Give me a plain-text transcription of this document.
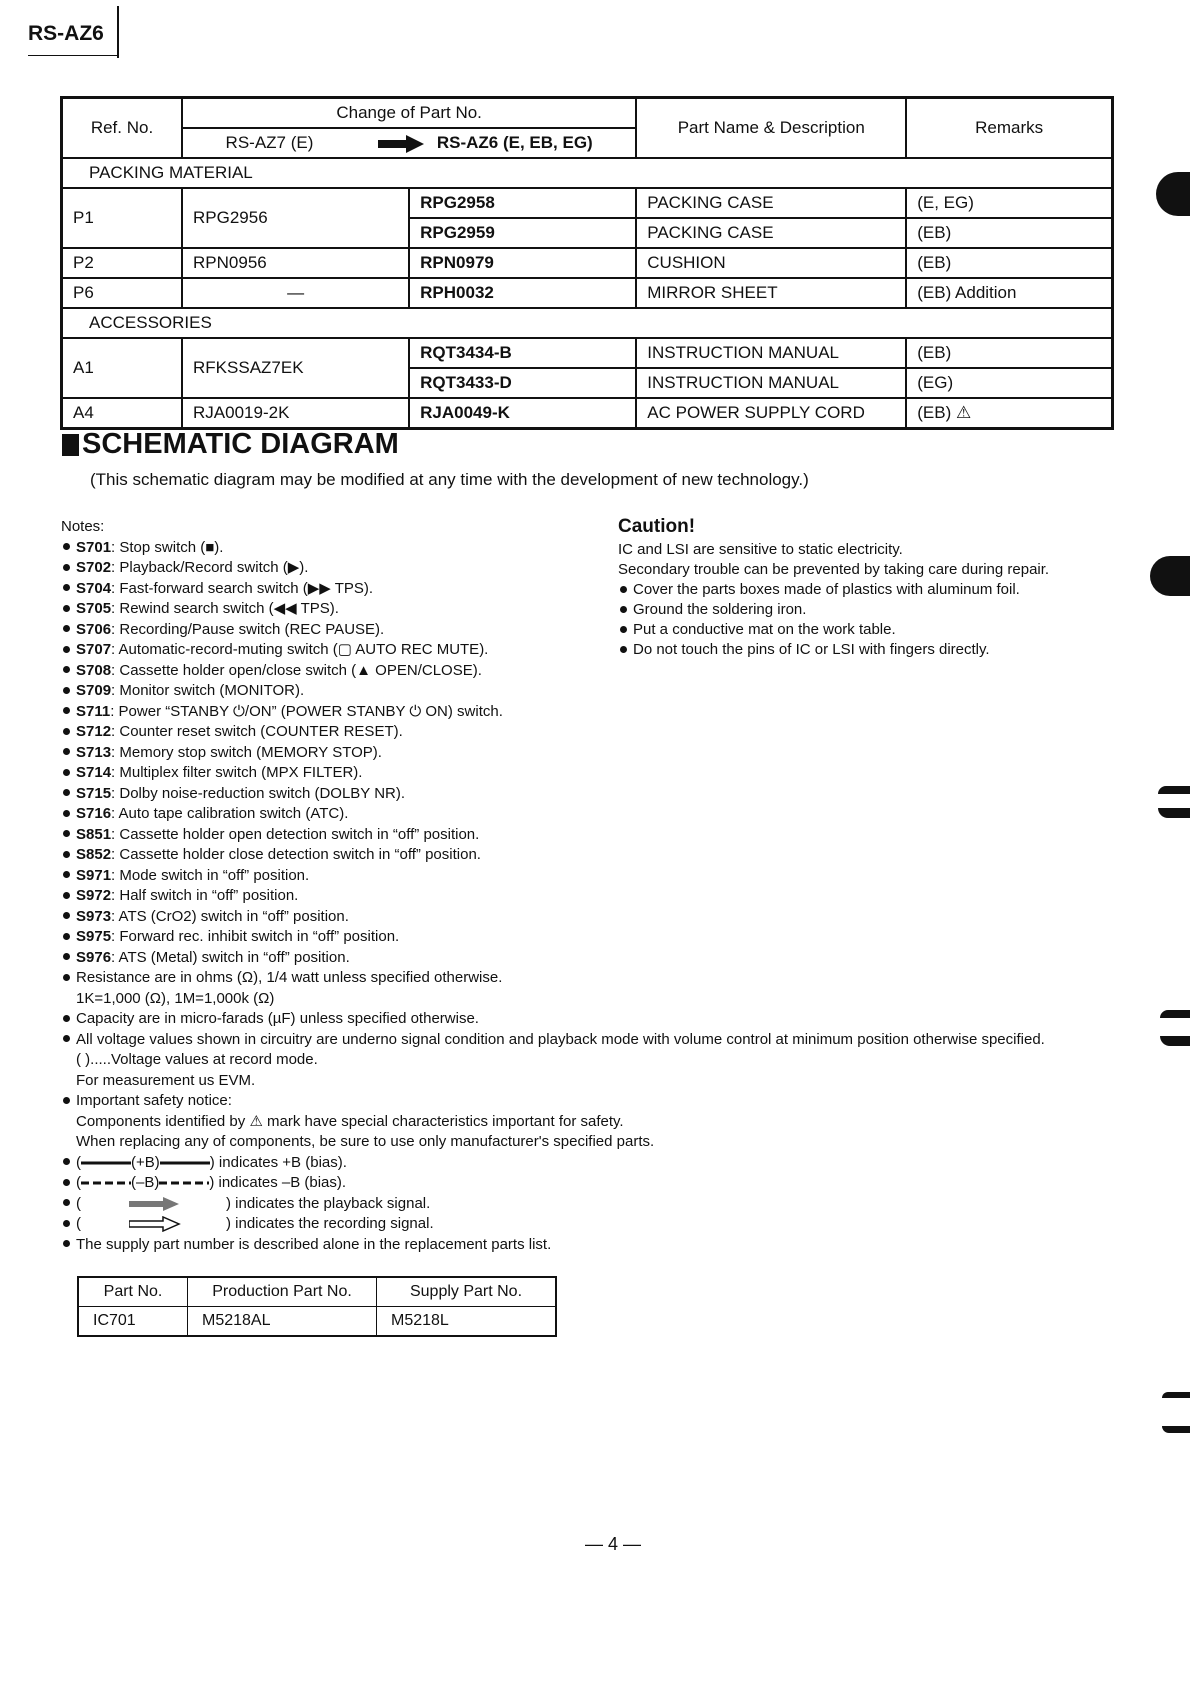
RS-AZ6
Ref. No.	Change of Part No.		Part Name & Description	Remarks
	RS-AZ7 (E) RS-AZ6 (E, EB, EG)			
PACKING MATERIAL				
P1	RPG2956	RPG2958	PACKING CASE	(E, EG)
		RPG2959	PACKING CASE	(EB)
P2	RPN0956	RPN0979	CUSHION	(EB)
P6	—	RPH0032	MIRROR SHEET	(EB) Addition
ACCESSORIES				
A1	RFKSSAZ7EK	RQT3434-B	INSTRUCTION MANUAL	(EB)
		RQT3433-D	INSTRUCTION MANUAL	(EG)
A4	RJA0019-2K	RJA0049-K	AC POWER SUPPLY CORD	(EB) ⚠
SCHEMATIC DIAGRAM
(This schematic diagram may be modified at any time with the development of new technology.)
Notes:
S701: Stop switch (■).
S702: Playback/Record switch (▶).
S704: Fast-forward search switch (▶▶ TPS).
S705: Rewind search switch (◀◀ TPS).
S706: Recording/Pause switch (REC PAUSE).
S707: Automatic-record-muting switch (▢ AUTO REC MUTE).
S708: Cassette holder open/close switch (▲ OPEN/CLOSE).
S709: Monitor switch (MONITOR).
S711: Power “STANBY ⏻/ON” (POWER STANBY ⏻ ON) switch.
S712: Counter reset switch (COUNTER RESET).
S713: Memory stop switch (MEMORY STOP).
S714: Multiplex filter switch (MPX FILTER).
S715: Dolby noise-reduction switch (DOLBY NR).
S716: Auto tape calibration switch (ATC).
S851: Cassette holder open detection switch in “off” position.
S852: Cassette holder close detection switch in “off” position.
S971: Mode switch in “off” position.
S972: Half switch in “off” position.
S973: ATS (CrO2) switch in “off” position.
S975: Forward rec. inhibit switch in “off” position.
S976: ATS (Metal) switch in “off” position.
Resistance are in ohms (Ω), 1/4 watt unless specified otherwise.
1K=1,000 (Ω), 1M=1,000k (Ω)
Capacity are in micro-farads (µF) unless specified otherwise.
All voltage values shown in circuitry are underno signal condition and playback mode with volume control at minimum position otherwise specified.
( ).....Voltage values at record mode.
For measurement us EVM.
Important safety notice:
Components identified by ⚠ mark have special characteristics important for safety.
When replacing any of components, be sure to use only manufacturer's specified parts.
(	(+B)	) indicates +B (bias).
(	(–B)	) indicates –B (bias).
(	) indicates the playback signal.
(	) indicates the recording signal.
The supply part number is described alone in the replacement parts list.
Caution!
IC and LSI are sensitive to static electricity.
Secondary trouble can be prevented by taking care during repair.
Cover the parts boxes made of plastics with aluminum foil.
Ground the soldering iron.
Put a conductive mat on the work table.
Do not touch the pins of IC or LSI with fingers directly.
Part No.	Production Part No.	Supply Part No.
IC701	M5218AL	M5218L
— 4 —
